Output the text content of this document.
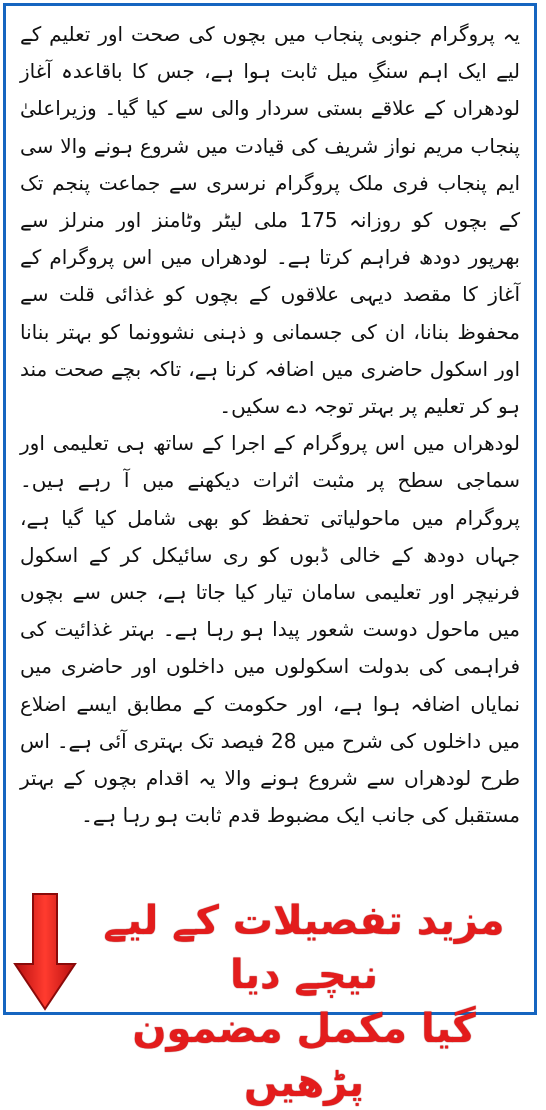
یہ پروگرام جنوبی پنجاب میں بچوں کی صحت اور تعلیم کے لیے ایک اہم سنگِ میل ثابت ہوا ہے، جس کا باقاعدہ آغاز لودھراں کے علاقے بستی سردار والی سے کیا گیا۔ وزیراعلیٰ پنجاب مریم نواز شریف کی قیادت میں شروع ہونے والا سی ایم پنجاب فری ملک پروگرام نرسری سے جماعت پنجم تک کے بچوں کو روزانہ 175 ملی لیٹر وٹامنز اور منرلز سے بھرپور دودھ فراہم کرتا ہے۔ لودھراں میں اس پروگرام کے آغاز کا مقصد دیہی علاقوں کے بچوں کو غذائی قلت سے محفوظ بنانا، ان کی جسمانی و ذہنی نشوونما کو بہتر بنانا اور اسکول حاضری میں اضافہ کرنا ہے، تاکہ بچے صحت مند ہو کر تعلیم پر بہتر توجہ دے سکیں۔

لودھراں میں اس پروگرام کے اجرا کے ساتھ ہی تعلیمی اور سماجی سطح پر مثبت اثرات دیکھنے میں آ رہے ہیں۔ پروگرام میں ماحولیاتی تحفظ کو بھی شامل کیا گیا ہے، جہاں دودھ کے خالی ڈبوں کو ری سائیکل کر کے اسکول فرنیچر اور تعلیمی سامان تیار کیا جاتا ہے، جس سے بچوں میں ماحول دوست شعور پیدا ہو رہا ہے۔ بہتر غذائیت کی فراہمی کی بدولت اسکولوں میں داخلوں اور حاضری میں نمایاں اضافہ ہوا ہے، اور حکومت کے مطابق ایسے اضلاع میں داخلوں کی شرح میں 28 فیصد تک بہتری آئی ہے۔ اس طرح لودھراں سے شروع ہونے والا یہ اقدام بچوں کے بہتر مستقبل کی جانب ایک مضبوط قدم ثابت ہو رہا ہے۔

مزید تفصیلات کے لیے نیچے دیا
گیا مکمل مضمون پڑھیں
